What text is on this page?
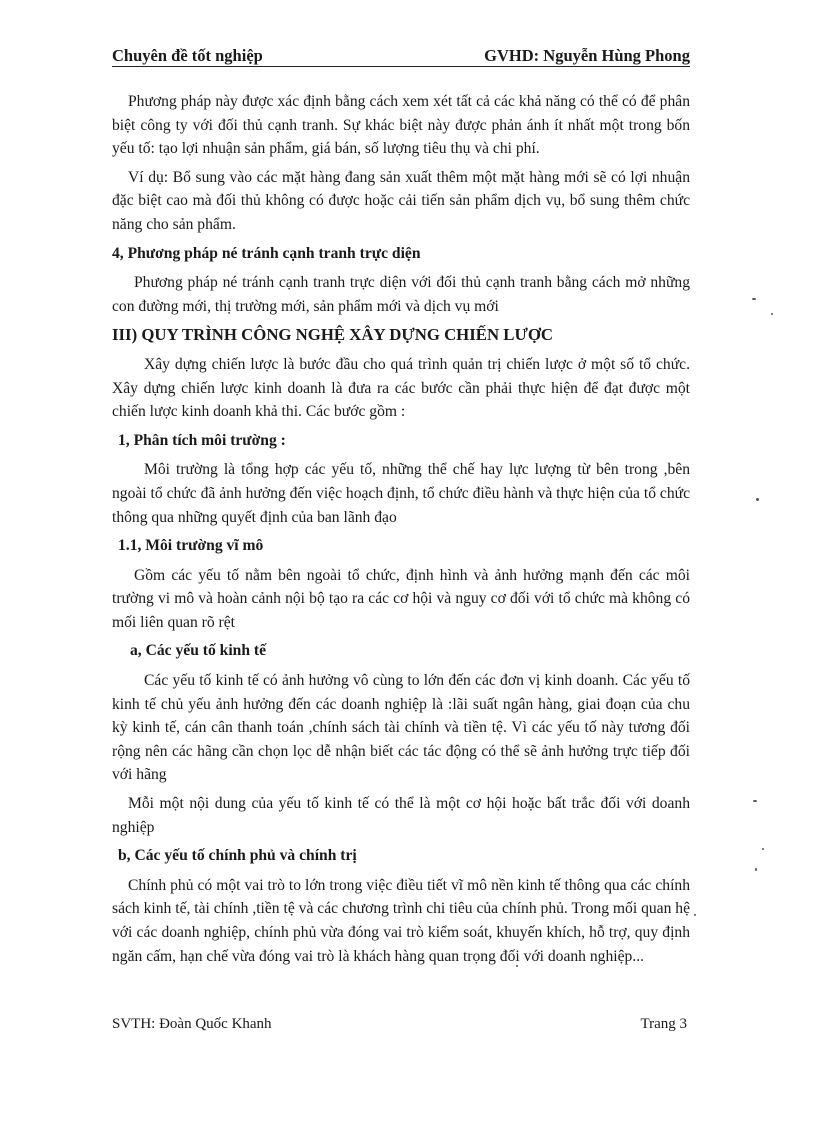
Chuyên đề tốt nghiệp	GVHD: Nguyễn Hùng Phong

Phương pháp này được xác định bằng cách xem xét tất cả các khả năng có thể có để phân biệt công ty với đối thủ cạnh tranh. Sự khác biệt này được phản ánh ít nhất một trong bốn yếu tố: tạo lợi nhuận sản phẩm, giá bán, số lượng tiêu thụ và chi phí.

Ví dụ: Bổ sung vào các mặt hàng đang sản xuất thêm một mặt hàng mới sẽ có lợi nhuận đặc biệt cao mà đối thủ không có được hoặc cải tiến sản phẩm dịch vụ, bổ sung thêm chức năng cho sản phẩm.

4, Phương pháp né tránh cạnh tranh trực diện

Phương pháp né tránh cạnh tranh trực diện với đối thủ cạnh tranh bằng cách mở những con đường mới, thị trường mới, sản phẩm mới và dịch vụ mới

III) QUY TRÌNH CÔNG NGHỆ XÂY DỰNG CHIẾN LƯỢC

Xây dựng chiến lược là bước đầu cho quá trình quản trị chiến lược ở một số tổ chức. Xây dựng chiến lược kinh doanh là đưa ra các bước cần phải thực hiện để đạt được một chiến lược kinh doanh khả thi. Các bước gồm :

1, Phân tích môi trường :

Môi trường là tổng hợp các yếu tố, những thể chế hay lực lượng từ bên trong ,bên ngoài tổ chức đã ảnh hưởng đến việc hoạch định, tổ chức điều hành và thực hiện của tổ chức thông qua những quyết định của ban lãnh đạo

1.1, Môi trường vĩ mô

Gồm các yếu tố nằm bên ngoài tổ chức, định hình và ảnh hưởng mạnh đến các môi trường vi mô và hoàn cảnh nội bộ tạo ra các cơ hội và nguy cơ đối với tổ chức mà không có mối liên quan rõ rệt

a, Các yếu tố kinh tế

Các yếu tố kinh tế có ảnh hưởng vô cùng to lớn đến các đơn vị kinh doanh. Các yếu tố kinh tế chủ yếu ảnh hưởng đến các doanh nghiệp là :lãi suất ngân hàng, giai đoạn của chu kỳ kinh tế, cán cân thanh toán ,chính sách tài chính và tiền tệ. Vì các yếu tố này tương đối rộng nên các hãng cần chọn lọc dễ nhận biết các tác động có thể sẽ ảnh hưởng trực tiếp đối với hãng

Mỗi một nội dung của yếu tố kinh tế có thể là một cơ hội hoặc bất trắc đối với doanh nghiệp

b, Các yếu tố chính phủ và chính trị

Chính phủ có một vai trò to lớn trong việc điều tiết vĩ mô nền kinh tế thông qua các chính sách kinh tế, tài chính ,tiền tệ và các chương trình chi tiêu của chính phủ. Trong mối quan hệ với các doanh nghiệp, chính phủ vừa đóng vai trò kiểm soát, khuyến khích, hỗ trợ, quy định ngăn cấm, hạn chế vừa đóng vai trò là khách hàng quan trọng đối với doanh nghiệp...

SVTH: Đoàn Quốc Khanh	Trang 3
